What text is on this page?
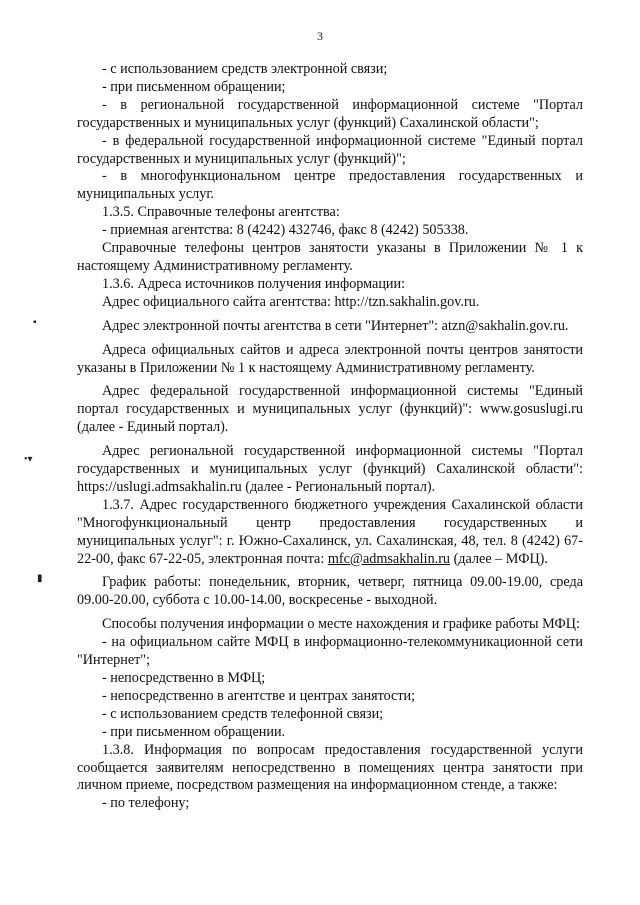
3
▪
•▾
▮

- с использованием средств электронной связи;

- при письменном обращении;

- в региональной государственной информационной системе "Портал государственных и муниципальных услуг (функций) Сахалинской области";

- в федеральной государственной информационной системе "Единый портал государственных и муниципальных услуг (функций)";

- в многофункциональном центре предоставления государственных и муниципальных услуг.

1.3.5. Справочные телефоны агентства:

- приемная агентства: 8 (4242) 432746, факс 8 (4242) 505338.

Справочные телефоны центров занятости указаны в Приложении № 1 к настоящему Административному регламенту.

1.3.6. Адреса источников получения информации:

Адрес официального сайта агентства: http://tzn.sakhalin.gov.ru.

Адрес электронной почты агентства в сети "Интернет": atzn@sakhalin.gov.ru.

Адреса официальных сайтов и адреса электронной почты центров занятости указаны в Приложении № 1 к настоящему Административному регламенту.

Адрес федеральной государственной информационной системы "Единый портал государственных и муниципальных услуг (функций)": www.gosuslugi.ru (далее - Единый портал).

Адрес региональной государственной информационной системы "Портал государственных и муниципальных услуг (функций) Сахалинской области": https://uslugi.admsakhalin.ru (далее - Региональный портал).

1.3.7. Адрес государственного бюджетного учреждения Сахалинской области "Многофункциональный центр предоставления государственных и муниципальных услуг": г. Южно-Сахалинск, ул. Сахалинская, 48, тел. 8 (4242) 67-22-00, факс 67-22-05, электронная почта: mfc@admsakhalin.ru (далее – МФЦ).

График работы: понедельник, вторник, четверг, пятница 09.00-19.00, среда 09.00-20.00, суббота с 10.00-14.00, воскресенье - выходной.

Способы получения информации о месте нахождения и графике работы МФЦ:

- на официальном сайте МФЦ в информационно-телекоммуникационной сети "Интернет";

- непосредственно в МФЦ;

- непосредственно в агентстве и центрах занятости;

- с использованием средств телефонной связи;

- при письменном обращении.

1.3.8. Информация по вопросам предоставления государственной услуги сообщается заявителям непосредственно в помещениях центра занятости при личном приеме, посредством размещения на информационном стенде, а также:

- по телефону;
